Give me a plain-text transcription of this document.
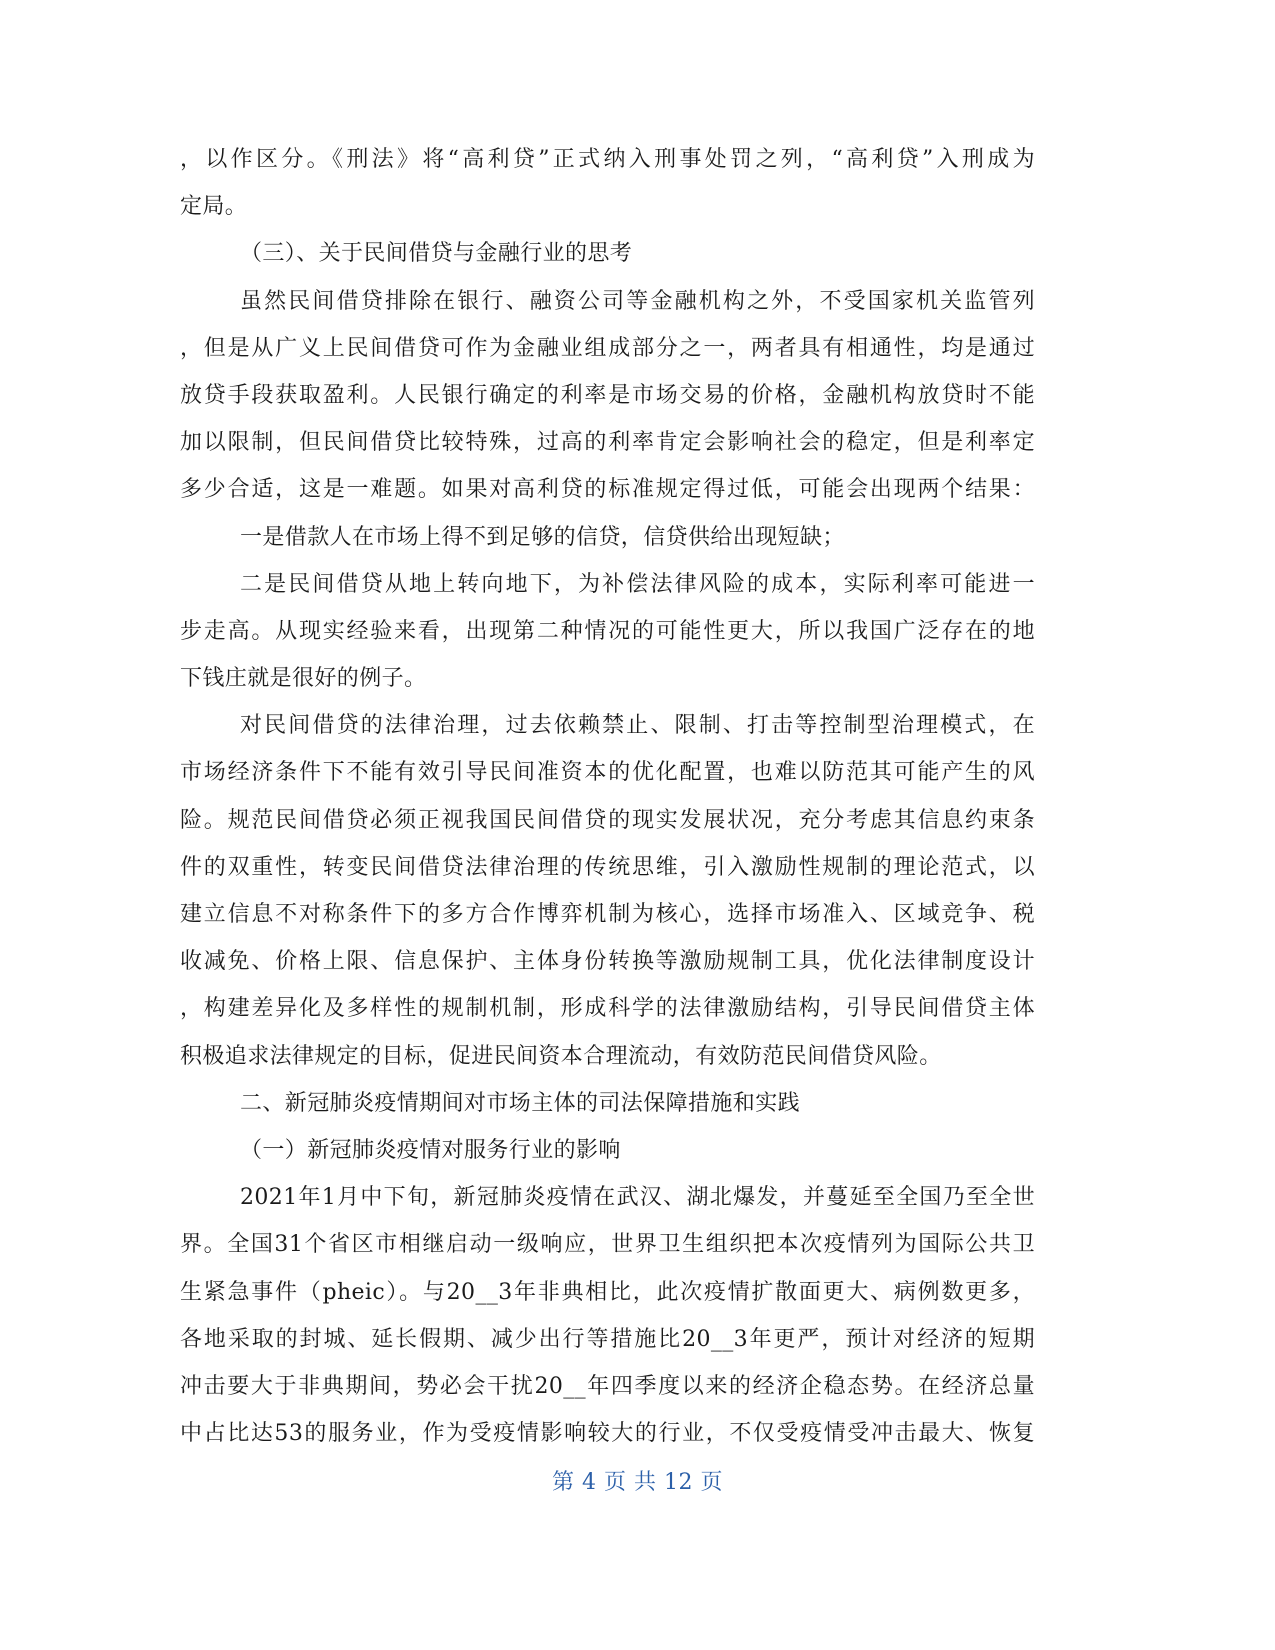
，以作区分。《刑法》将“高利贷”正式纳入刑事处罚之列，“高利贷”入刑成为
定局。
（三）、关于民间借贷与金融行业的思考
虽然民间借贷排除在银行、融资公司等金融机构之外，不受国家机关监管列
，但是从广义上民间借贷可作为金融业组成部分之一，两者具有相通性，均是通过
放贷手段获取盈利。人民银行确定的利率是市场交易的价格，金融机构放贷时不能
加以限制，但民间借贷比较特殊，过高的利率肯定会影响社会的稳定，但是利率定
多少合适，这是一难题。如果对高利贷的标准规定得过低，可能会出现两个结果：
一是借款人在市场上得不到足够的信贷，信贷供给出现短缺；
二是民间借贷从地上转向地下，为补偿法律风险的成本，实际利率可能进一
步走高。从现实经验来看，出现第二种情况的可能性更大，所以我国广泛存在的地
下钱庄就是很好的例子。
对民间借贷的法律治理，过去依赖禁止、限制、打击等控制型治理模式，在
市场经济条件下不能有效引导民间准资本的优化配置，也难以防范其可能产生的风
险。规范民间借贷必须正视我国民间借贷的现实发展状况，充分考虑其信息约束条
件的双重性，转变民间借贷法律治理的传统思维，引入激励性规制的理论范式，以
建立信息不对称条件下的多方合作博弈机制为核心，选择市场准入、区域竞争、税
收减免、价格上限、信息保护、主体身份转换等激励规制工具，优化法律制度设计
，构建差异化及多样性的规制机制，形成科学的法律激励结构，引导民间借贷主体
积极追求法律规定的目标，促进民间资本合理流动，有效防范民间借贷风险。
二、新冠肺炎疫情期间对市场主体的司法保障措施和实践
（一）新冠肺炎疫情对服务行业的影响
2021年1月中下旬，新冠肺炎疫情在武汉、湖北爆发，并蔓延至全国乃至全世
界。全国31个省区市相继启动一级响应，世界卫生组织把本次疫情列为国际公共卫
生紧急事件（pheic）。与20__3年非典相比，此次疫情扩散面更大、病例数更多，
各地采取的封城、延长假期、减少出行等措施比20__3年更严，预计对经济的短期
冲击要大于非典期间，势必会干扰20__年四季度以来的经济企稳态势。在经济总量
中占比达53的服务业，作为受疫情影响较大的行业，不仅受疫情受冲击最大、恢复
第 4 页 共 12 页
